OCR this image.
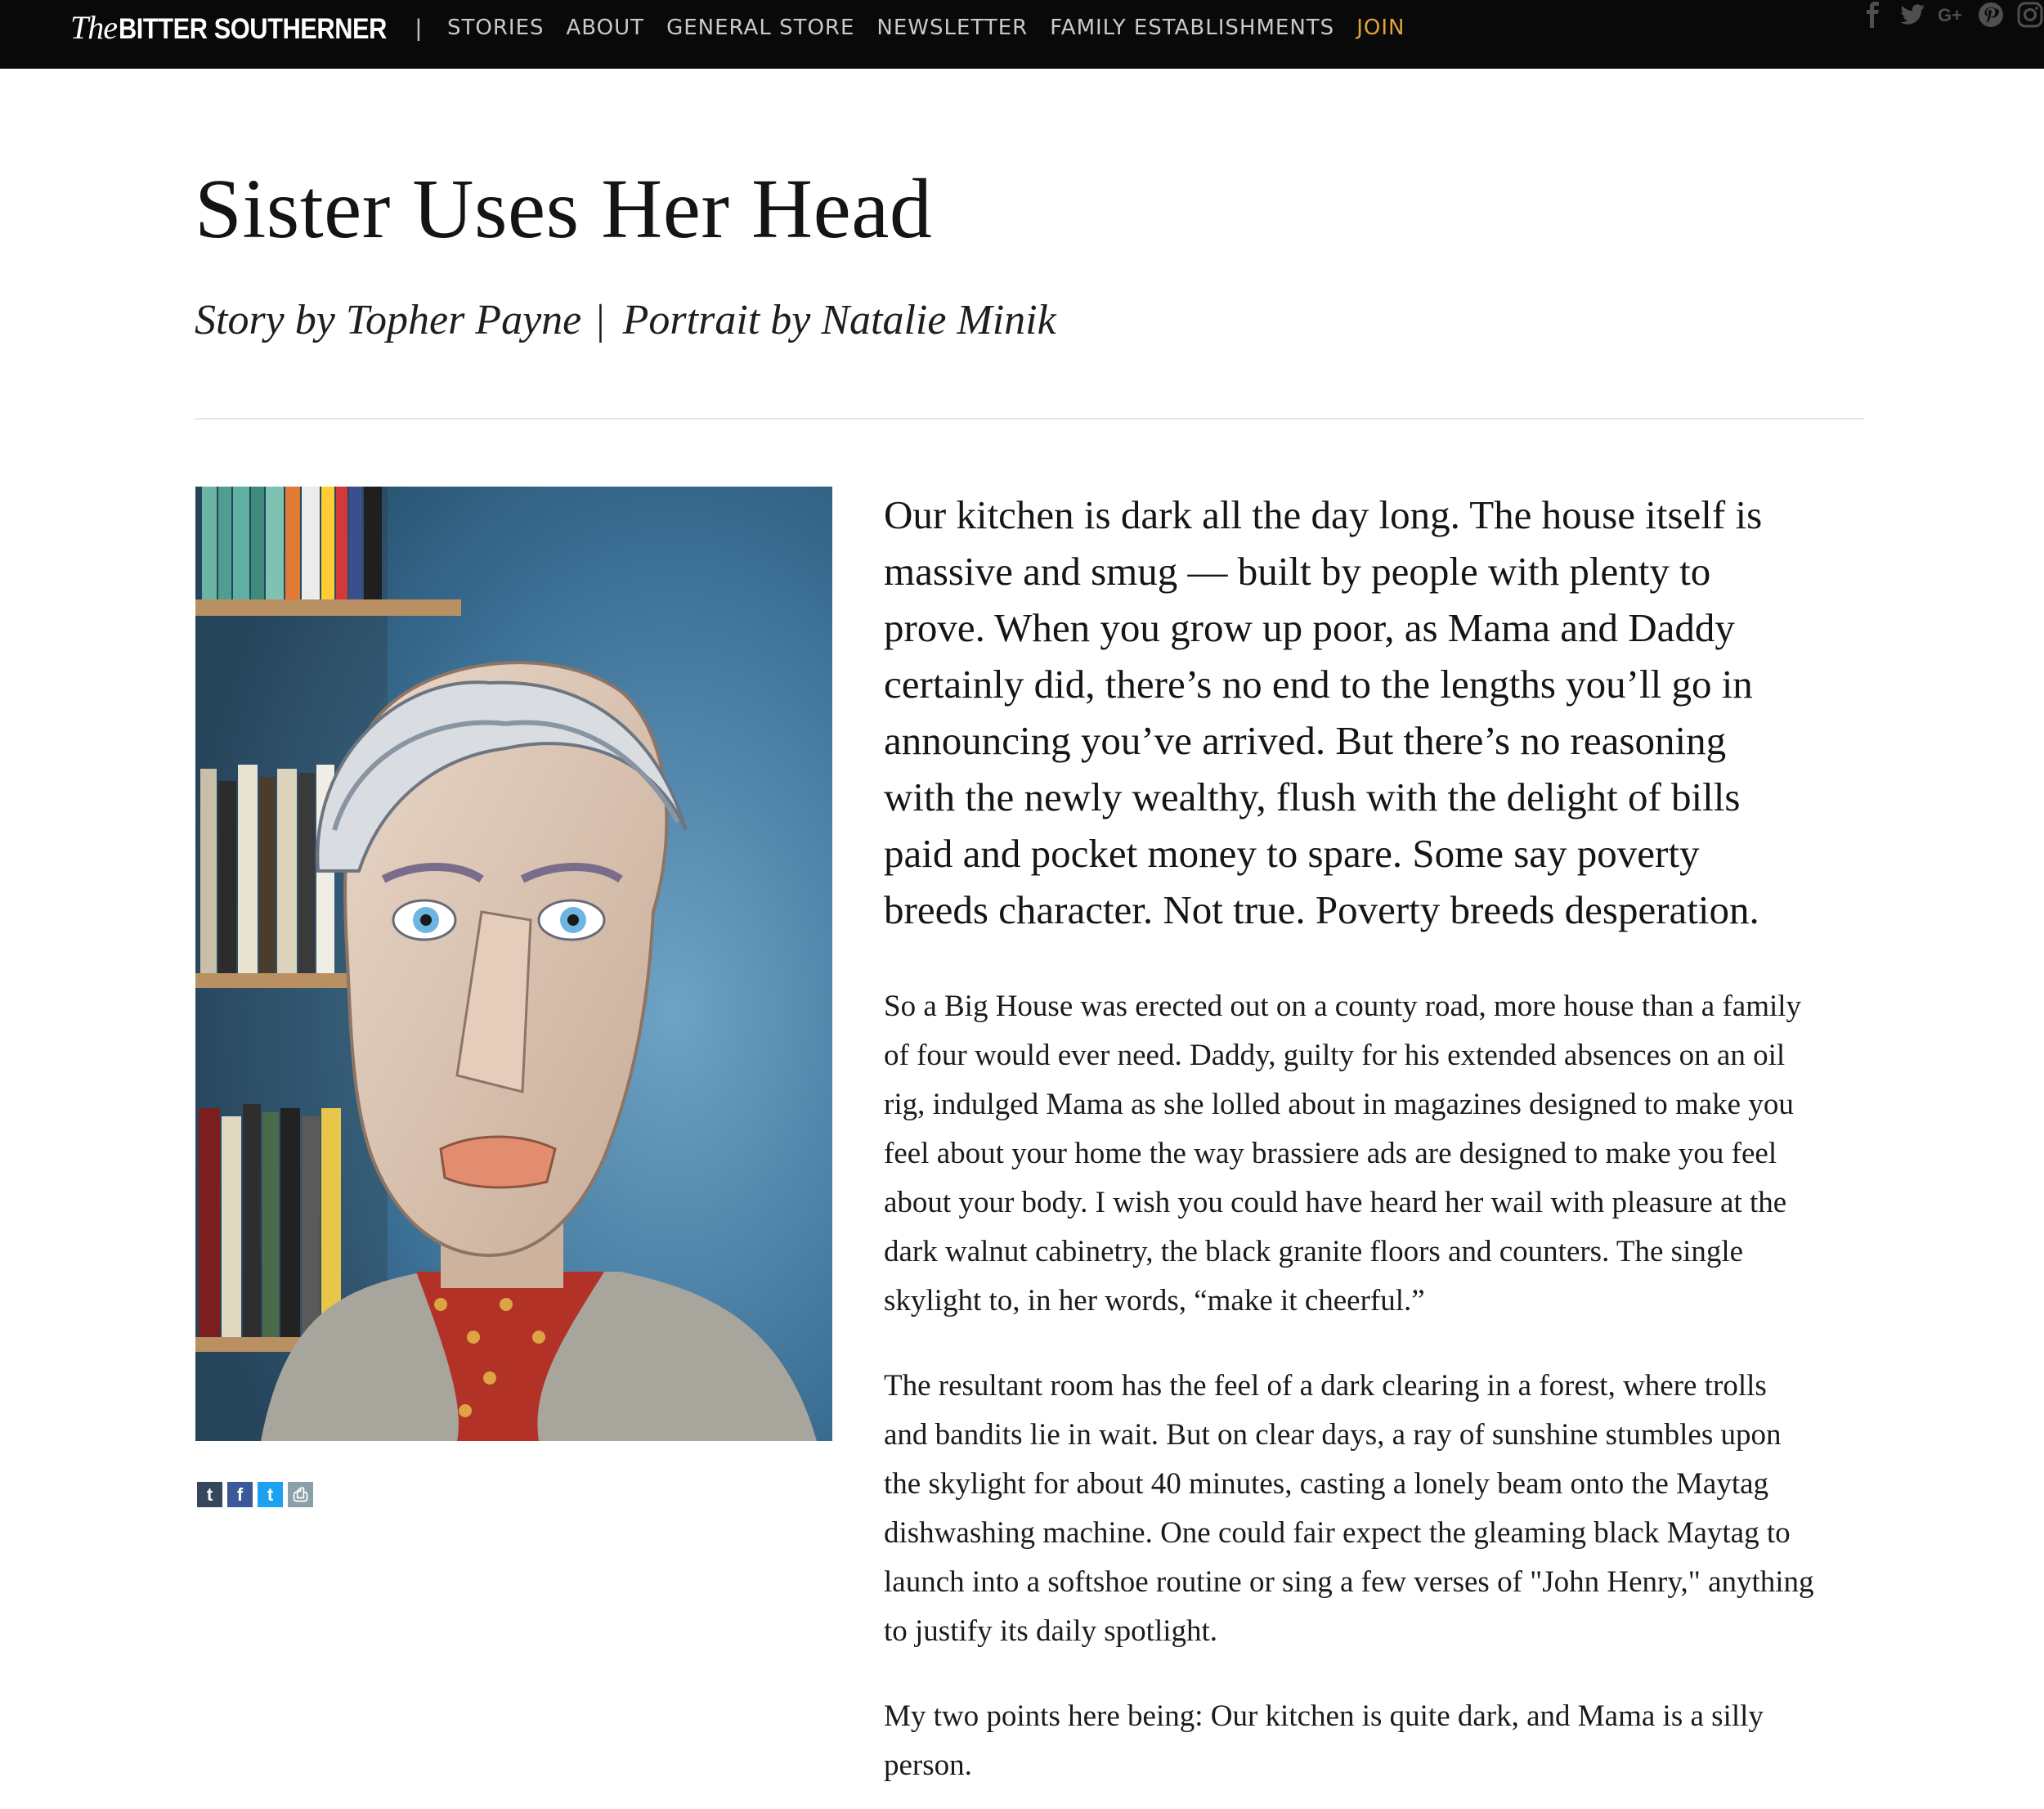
The BITTER SOUTHERNER | STORIES ABOUT GENERAL STORE NEWSLETTER FAMILY ESTABLISHMENTS JOIN
G+
Sister Uses Her Head
Story by Topher Payne | Portrait by Natalie Minik
t	f	t	⎙

Our kitchen is dark all the day long. The house itself is
massive and smug — built by people with plenty to
prove. When you grow up poor, as Mama and Daddy
certainly did, there’s no end to the lengths you’ll go in
announcing you’ve arrived. But there’s no reasoning
with the newly wealthy, flush with the delight of bills
paid and pocket money to spare. Some say poverty
breeds character. Not true. Poverty breeds desperation.

So a Big House was erected out on a county road, more house than a family
of four would ever need. Daddy, guilty for his extended absences on an oil
rig, indulged Mama as she lolled about in magazines designed to make you
feel about your home the way brassiere ads are designed to make you feel
about your body. I wish you could have heard her wail with pleasure at the
dark walnut cabinetry, the black granite floors and counters. The single
skylight to, in her words, “make it cheerful.”

The resultant room has the feel of a dark clearing in a forest, where trolls
and bandits lie in wait. But on clear days, a ray of sunshine stumbles upon
the skylight for about 40 minutes, casting a lonely beam onto the Maytag
dishwashing machine. One could fair expect the gleaming black Maytag to
launch into a softshoe routine or sing a few verses of "John Henry," anything
to justify its daily spotlight.

My two points here being: Our kitchen is quite dark, and Mama is a silly
person.
